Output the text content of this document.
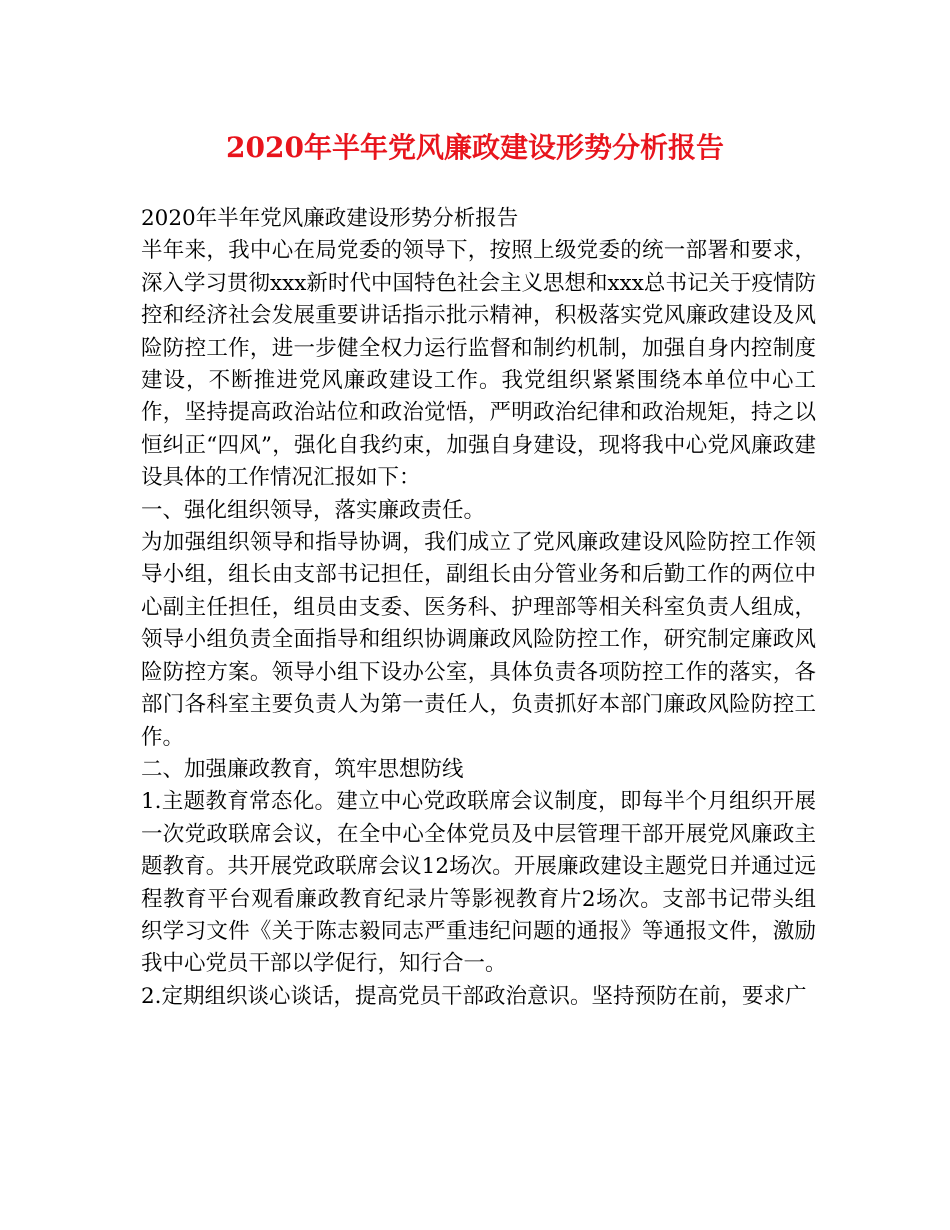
2020年半年党风廉政建设形势分析报告

2020年半年党风廉政建设形势分析报告

半年来，我中心在局党委的领导下，按照上级党委的统一部署和要求，深入学习贯彻xxx新时代中国特色社会主义思想和xxx总书记关于疫情防控和经济社会发展重要讲话指示批示精神，积极落实党风廉政建设及风险防控工作，进一步健全权力运行监督和制约机制，加强自身内控制度建设，不断推进党风廉政建设工作。我党组织紧紧围绕本单位中心工作，坚持提高政治站位和政治觉悟，严明政治纪律和政治规矩，持之以恒纠正“四风”，强化自我约束，加强自身建设，现将我中心党风廉政建设具体的工作情况汇报如下：

一、强化组织领导，落实廉政责任。

为加强组织领导和指导协调，我们成立了党风廉政建设风险防控工作领导小组，组长由支部书记担任，副组长由分管业务和后勤工作的两位中心副主任担任，组员由支委、医务科、护理部等相关科室负责人组成，领导小组负责全面指导和组织协调廉政风险防控工作，研究制定廉政风险防控方案。领导小组下设办公室，具体负责各项防控工作的落实，各部门各科室主要负责人为第一责任人，负责抓好本部门廉政风险防控工作。

二、加强廉政教育，筑牢思想防线

1.主题教育常态化。建立中心党政联席会议制度，即每半个月组织开展一次党政联席会议，在全中心全体党员及中层管理干部开展党风廉政主题教育。共开展党政联席会议12场次。开展廉政建设主题党日并通过远程教育平台观看廉政教育纪录片等影视教育片2场次。支部书记带头组织学习文件《关于陈志毅同志严重违纪问题的通报》等通报文件，激励我中心党员干部以学促行，知行合一。

2.定期组织谈心谈话，提高党员干部政治意识。坚持预防在前，要求广
